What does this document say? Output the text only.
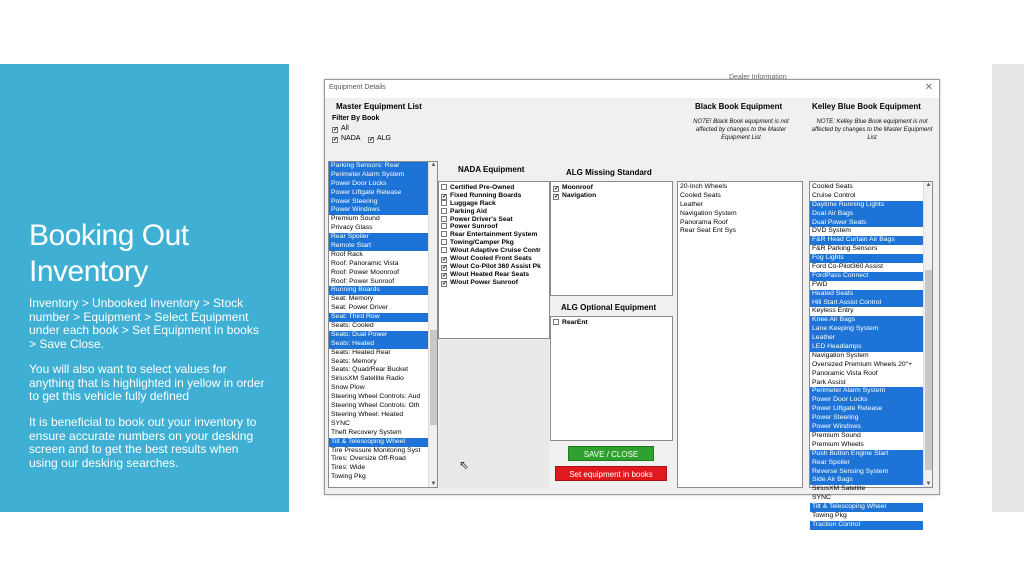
Booking Out Inventory
Inventory > Unbooked Inventory > Stock number > Equipment > Select Equipment under each book > Set Equipment in books > Save Close.
You will also want to select values for anything that is highlighted in yellow in order to get this vehicle fully defined
It is beneficial to book out your inventory to ensure accurate numbers on your desking screen and to get the best results when using our desking searches.
Equipment Details	✕
Dealer Information
Master Equipment List
Filter By Book
✓ All
✓ NADA ✓ ALG
NADA Equipment	ALG Missing Standard
ALG Optional Equipment
Black Book Equipment	Kelley Blue Book Equipment
NOTE! Black Book equipment is not affected by changes to the Master Equipment List
NOTE: Kelley Blue Book equipment is not affected by changes to the Master Equipment List
Parking Sensors: Rear
Perimeter Alarm System
Power Door Locks
Power Liftgate Release
Power Steering
Power Windows
Premium Sound
Privacy Glass
Rear Spoiler
Remote Start
Roof Rack
Roof: Panoramic Vista
Roof: Power Moonroof
Roof: Power Sunroof
Running Boards
Seat: Memory
Seat: Power Driver
Seat: Third Row
Seats: Cooled
Seats: Dual Power
Seats: Heated
Seats: Heated Rear
Seats: Memory
Seats: Quad/Rear Bucket
SiriusXM Satellite Radio
Snow Plow
Steering Wheel Controls: Aud
Steering Wheel Controls: Oth
Steering Wheel: Heated
SYNC
Theft Recovery System
Tilt & Telescoping Wheel
Tire Pressure Monitoring Syst
Tires: Oversize Off-Road
Tires: Wide
Towing Pkg
▲
▼
Certified Pre-Owned
✓ Fixed Running Boards
Luggage Rack
Parking Aid
Power Driver's Seat
Power Sunroof
Rear Entertainment System
Towing/Camper Pkg
W/out Adaptive Cruise Contr
✓ W/out Cooled Front Seats
✓ W/out Co-Pilot 360 Assist Pk
✓ W/out Heated Rear Seats
✓ W/out Power Sunroof
✓ Moonroof
✓ Navigation
RearEnt
SAVE / CLOSE
Set equipment in books
⇖
20-Inch Wheels
Cooled Seats
Leather
Navigation System
Panorama Roof
Rear Seat Ent Sys
Cooled Seats
Cruise Control
Daytime Running Lights
Dual Air Bags
Dual Power Seats
DVD System
F&R Head Curtain Air Bags
F&R Parking Sensors
Fog Lights
Ford Co-Pilot360 Assist
FordPass Connect
FWD
Heated Seats
Hill Start Assist Control
Keyless Entry
Knee Air Bags
Lane Keeping System
Leather
LED Headlamps
Navigation System
Oversized Premium Wheels 20"+
Panoramic Vista Roof
Park Assist
Perimeter Alarm System
Power Door Locks
Power Liftgate Release
Power Steering
Power Windows
Premium Sound
Premium Wheels
Push Button Engine Start
Rear Spoiler
Reverse Sensing System
Side Air Bags
SiriusXM Satellite
SYNC
Tilt & Telescoping Wheel
Towing Pkg
Traction Control
▲
▼
